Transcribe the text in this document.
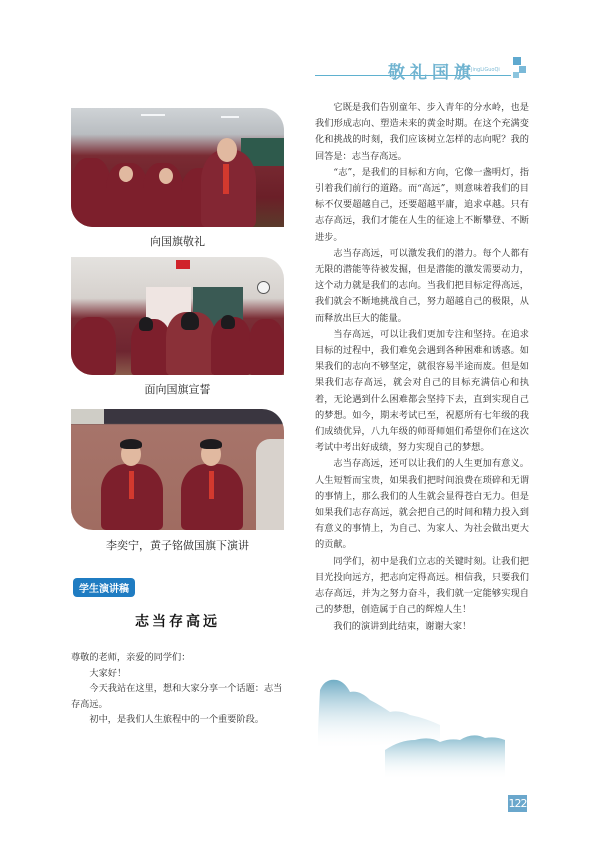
敬礼国旗
JingLiGuoQi
向国旗敬礼
面向国旗宣誓
李奕宁，黄子铭做国旗下演讲
学生演讲稿
志当存高远

尊敬的老师，亲爱的同学们：

大家好！

今天我站在这里，想和大家分享一个话题：志当存高远。

初中，是我们人生旅程中的一个重要阶段。

它既是我们告别童年、步入青年的分水岭，也是我们形成志向、塑造未来的黄金时期。在这个充满变化和挑战的时刻，我们应该树立怎样的志向呢？我的回答是：志当存高远。

“志”，是我们的目标和方向，它像一盏明灯，指引着我们前行的道路。而“高远”，则意味着我们的目标不仅要超越自己，还要超越平庸，追求卓越。只有志存高远，我们才能在人生的征途上不断攀登、不断进步。

志当存高远，可以激发我们的潜力。每个人都有无限的潜能等待被发掘，但是潜能的激发需要动力，这个动力就是我们的志向。当我们把目标定得高远，我们就会不断地挑战自己，努力超越自己的极限，从而释放出巨大的能量。

当存高远，可以让我们更加专注和坚持。在追求目标的过程中，我们难免会遇到各种困难和诱惑。如果我们的志向不够坚定，就很容易半途而废。但是如果我们志存高远，就会对自己的目标充满信心和执着，无论遇到什么困难都会坚持下去，直到实现自己的梦想。如今，期末考试已至，祝愿所有七年级的我们成绩优异，八九年级的师哥师姐们希望你们在这次考试中考出好成绩，努力实现自己的梦想。

志当存高远，还可以让我们的人生更加有意义。人生短暂而宝贵，如果我们把时间浪费在琐碎和无谓的事情上，那么我们的人生就会显得苍白无力。但是如果我们志存高远，就会把自己的时间和精力投入到有意义的事情上，为自己、为家人、为社会做出更大的贡献。

同学们，初中是我们立志的关键时刻。让我们把目光投向远方，把志向定得高远。相信我，只要我们志存高远，并为之努力奋斗，我们就一定能够实现自己的梦想，创造属于自己的辉煌人生！

我们的演讲到此结束，谢谢大家！

122
